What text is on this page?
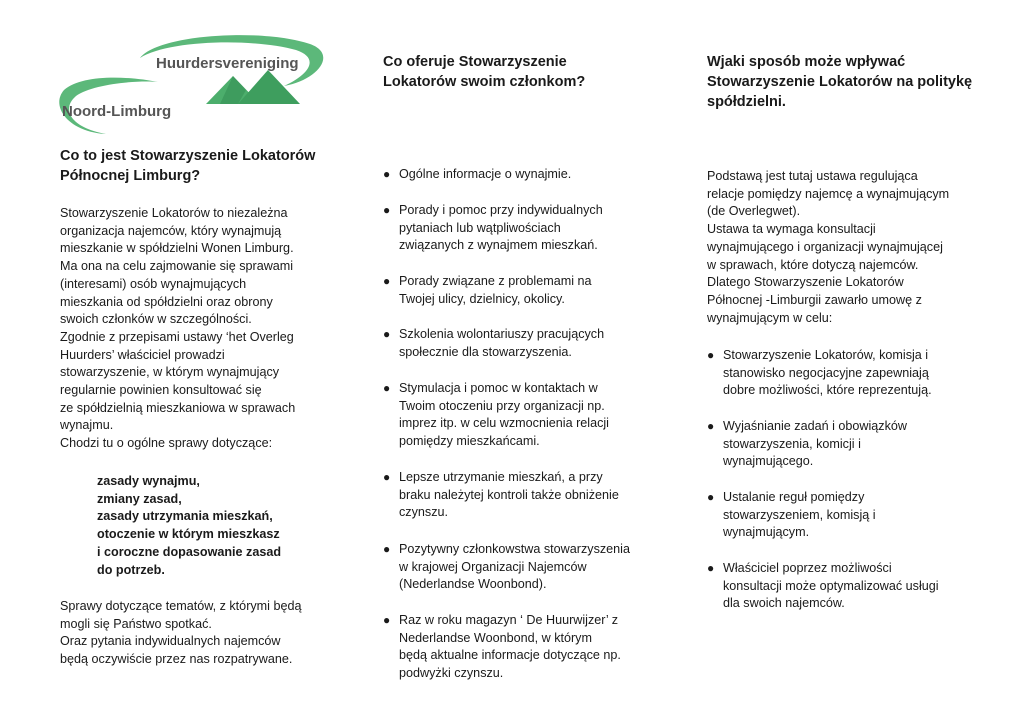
Huurdersvereniging
Noord-Limburg
Co to jest Stowarzyszenie Lokatorów Północnej Limburg?
Stowarzyszenie Lokatorów to niezależna
organizacja najemców, który wynajmują
mieszkanie w spółdzielni Wonen Limburg.
Ma ona na celu zajmowanie się sprawami
(interesami) osób wynajmujących
mieszkania od spółdzielni oraz obrony
swoich członków w szczególności.
Zgodnie z przepisami ustawy ‘het Overleg
Huurders’ właściciel prowadzi
stowarzyszenie, w którym wynajmujący
regularnie powinien konsultować się
ze spółdzielnią mieszkaniowa w sprawach
wynajmu.
Chodzi tu o ogólne sprawy dotyczące:
zasady wynajmu,
zmiany zasad,
zasady utrzymania mieszkań,
otoczenie w którym mieszkasz
i coroczne dopasowanie zasad
do potrzeb.
Sprawy dotyczące tematów, z którymi będą
mogli się Państwo spotkać.
Oraz pytania indywidualnych najemców
będą oczywiście przez nas rozpatrywane.
Co oferuje Stowarzyszenie Lokatorów swoim członkom?
● Ogólne informacje o wynajmie.
● Porady i pomoc przy indywidualnych
pytaniach lub wątpliwościach
związanych z wynajmem mieszkań.
● Porady związane z problemami na
Twojej ulicy, dzielnicy, okolicy.
● Szkolenia wolontariuszy pracujących
społecznie dla stowarzyszenia.
● Stymulacja i pomoc w kontaktach w
Twoim otoczeniu przy organizacji np.
imprez itp. w celu wzmocnienia relacji
pomiędzy mieszkańcami.
● Lepsze utrzymanie mieszkań, a przy
braku należytej kontroli także obniżenie
czynszu.
● Pozytywny członkowstwa stowarzyszenia
w krajowej Organizacji Najemców
(Nederlandse Woonbond).
● Raz w roku magazyn ‘ De Huurwijzer’ z
Nederlandse Woonbond, w którym
będą aktualne informacje dotyczące np.
podwyżki czynszu.
Wjaki sposób może wpływać Stowarzyszenie Lokatorów na politykę spółdzielni.
Podstawą jest tutaj ustawa regulująca
relacje pomiędzy najemcę a wynajmującym
(de Overlegwet).
Ustawa ta wymaga konsultacji
wynajmującego i organizacji wynajmującej
w sprawach, które dotyczą najemców.
Dlatego Stowarzyszenie Lokatorów
Północnej -Limburgii zawarło umowę z
wynajmującym w celu:
● Stowarzyszenie Lokatorów, komisja i
stanowisko negocjacyjne zapewniają
dobre możliwości, które reprezentują.
● Wyjaśnianie zadań i obowiązków
stowarzyszenia, komicji i
wynajmującego.
● Ustalanie reguł pomiędzy
stowarzyszeniem, komisją i
wynajmującym.
● Właściciel poprzez możliwości
konsultacji może optymalizować usługi
dla swoich najemców.
